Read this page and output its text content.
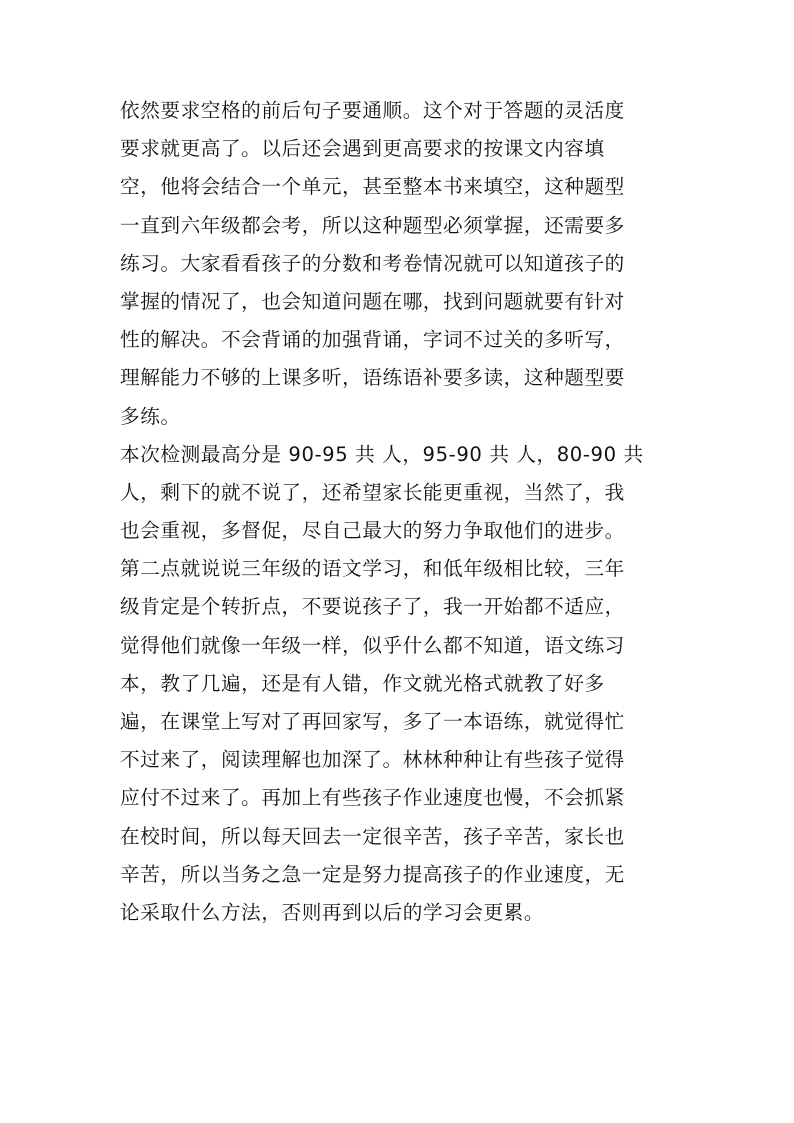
依然要求空格的前后句子要通顺。这个对于答题的灵活度
要求就更高了。以后还会遇到更高要求的按课文内容填
空，他将会结合一个单元，甚至整本书来填空，这种题型
一直到六年级都会考，所以这种题型必须掌握，还需要多
练习。大家看看孩子的分数和考卷情况就可以知道孩子的
掌握的情况了，也会知道问题在哪，找到问题就要有针对
性的解决。不会背诵的加强背诵，字词不过关的多听写，
理解能力不够的上课多听，语练语补要多读，这种题型要
多练。
本次检测最高分是 90-95 共 人，95-90 共 人，80-90 共
人，剩下的就不说了，还希望家长能更重视，当然了，我
也会重视，多督促，尽自己最大的努力争取他们的进步。
第二点就说说三年级的语文学习，和低年级相比较，三年
级肯定是个转折点，不要说孩子了，我一开始都不适应，
觉得他们就像一年级一样，似乎什么都不知道，语文练习
本，教了几遍，还是有人错，作文就光格式就教了好多
遍，在课堂上写对了再回家写，多了一本语练，就觉得忙
不过来了，阅读理解也加深了。林林种种让有些孩子觉得
应付不过来了。再加上有些孩子作业速度也慢，不会抓紧
在校时间，所以每天回去一定很辛苦，孩子辛苦，家长也
辛苦，所以当务之急一定是努力提高孩子的作业速度，无
论采取什么方法，否则再到以后的学习会更累。
